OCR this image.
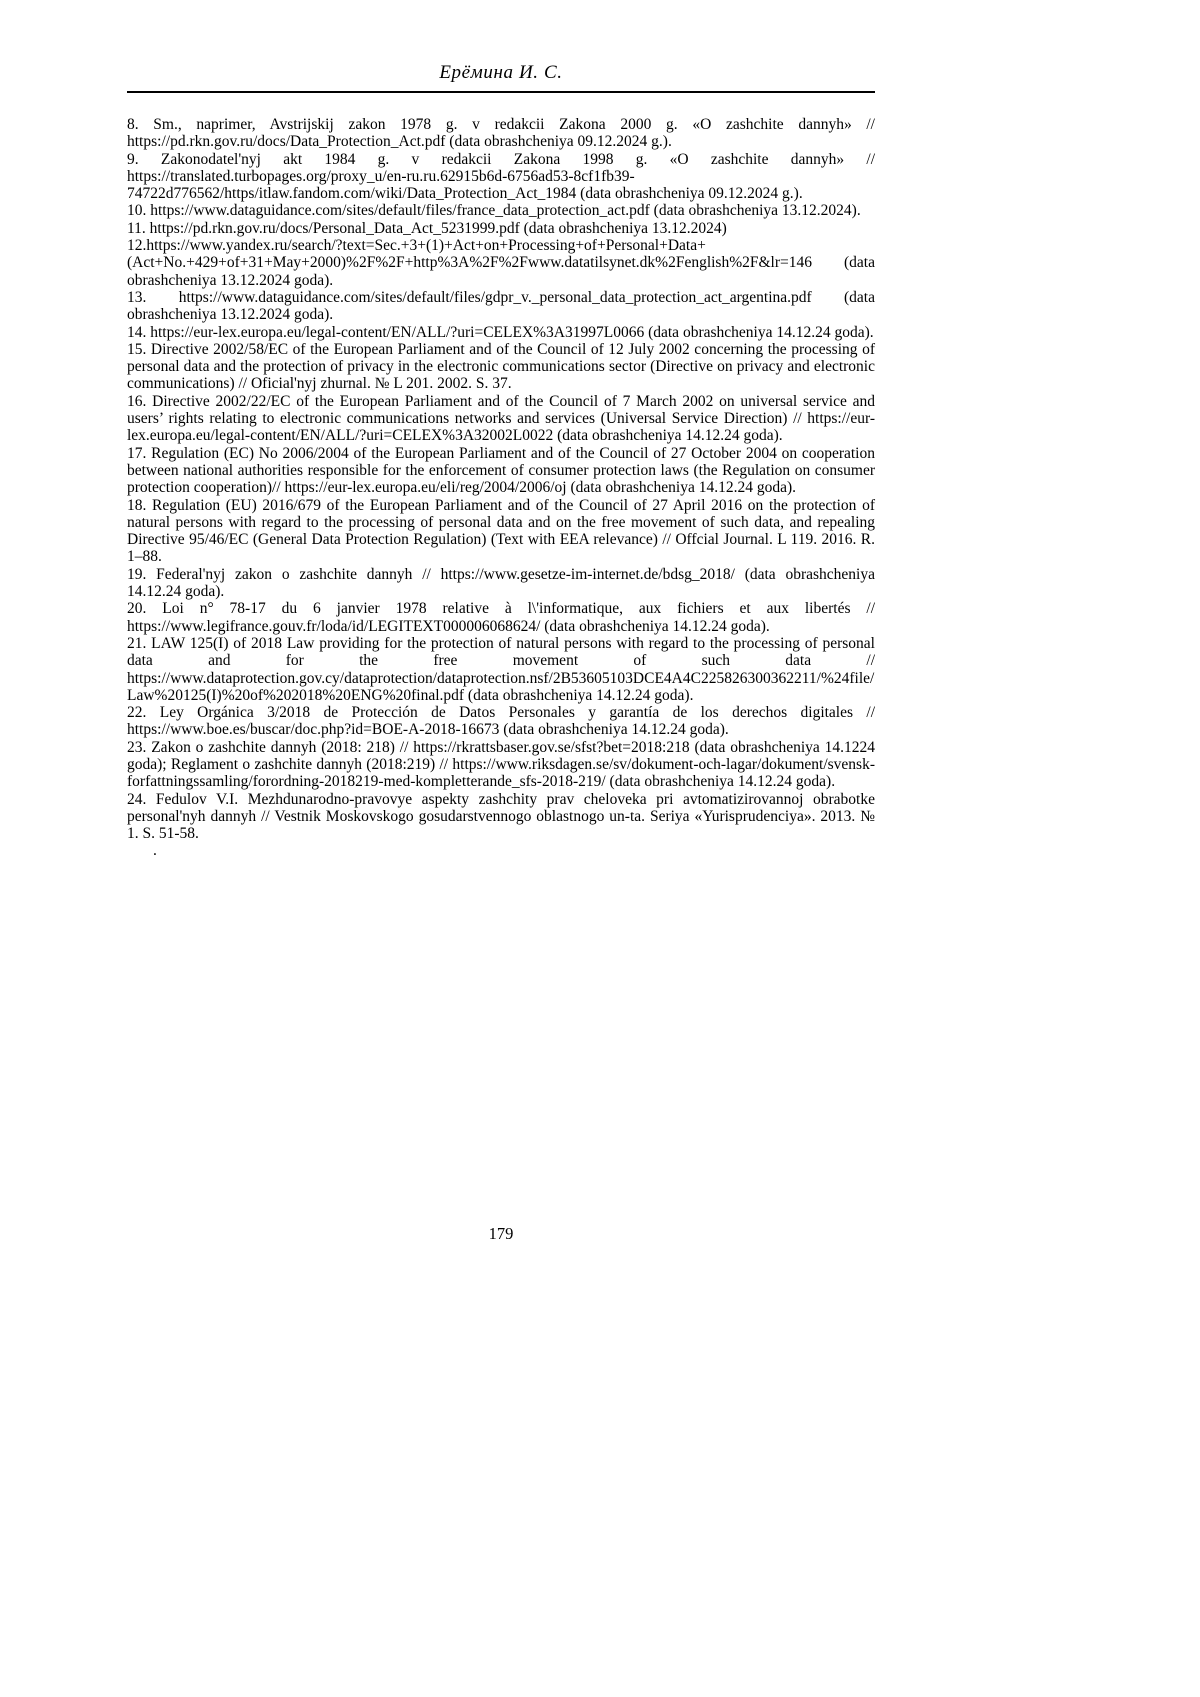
Ерёмина И. С.

8. Sm., naprimer, Avstrijskij zakon 1978 g. v redakcii Zakona 2000 g. «O zashchite dannyh» // https://pd.rkn.gov.ru/docs/Data_Protection_Act.pdf (data obrashcheniya 09.12.2024 g.).

9. Zakonodatel'nyj akt 1984 g. v redakcii Zakona 1998 g. «O zashchite dannyh» // https://translated.turbopages.org/proxy_u/en-ru.ru.62915b6d-6756ad53-8cf1fb39-74722d776562/https/itlaw.fandom.com/wiki/Data_Protection_Act_1984 (data obrashcheniya 09.12.2024 g.).

10. https://www.dataguidance.com/sites/default/files/france_data_protection_act.pdf (data obrashcheniya 13.12.2024).

11. https://pd.rkn.gov.ru/docs/Personal_Data_Act_5231999.pdf (data obrashcheniya 13.12.2024)

12.https://www.yandex.ru/search/?text=Sec.+3+(1)+Act+on+Processing+of+Personal+Data+(Act+No.+429+of+31+May+2000)%2F%2F+http%3A%2F%2Fwww.datatilsynet.dk%2Fenglish%2F&lr=146 (data obrashcheniya 13.12.2024 goda).

13. https://www.dataguidance.com/sites/default/files/gdpr_v._personal_data_protection_act_argentina.pdf (data obrashcheniya 13.12.2024 goda).

14. https://eur-lex.europa.eu/legal-content/EN/ALL/?uri=CELEX%3A31997L0066 (data obrashcheniya 14.12.24 goda).

15. Directive 2002/58/EC of the European Parliament and of the Council of 12 July 2002 concerning the processing of personal data and the protection of privacy in the electronic communications sector (Directive on privacy and electronic communications) // Oficial'nyj zhurnal. № L 201. 2002. S. 37.

16. Directive 2002/22/EC of the European Parliament and of the Council of 7 March 2002 on universal service and users’ rights relating to electronic communications networks and services (Universal Service Direction) // https://eur-lex.europa.eu/legal-content/EN/ALL/?uri=CELEX%3A32002L0022 (data obrashcheniya 14.12.24 goda).

17. Regulation (EC) No 2006/2004 of the European Parliament and of the Council of 27 October 2004 on cooperation between national authorities responsible for the enforcement of consumer protection laws (the Regulation on consumer protection cooperation)// https://eur-lex.europa.eu/eli/reg/2004/2006/oj (data obrashcheniya 14.12.24 goda).

18. Regulation (EU) 2016/679 of the European Parliament and of the Council of 27 April 2016 on the protection of natural persons with regard to the processing of personal data and on the free movement of such data, and repealing Directive 95/46/EC (General Data Protection Regulation) (Text with EEA relevance) // Offcial Journal. L 119. 2016. R. 1–88.

19. Federal'nyj zakon o zashchite dannyh // https://www.gesetze-im-internet.de/bdsg_2018/ (data obrashcheniya 14.12.24 goda).

20. Loi n° 78-17 du 6 janvier 1978 relative à l\'informatique, aux fichiers et aux libertés // https://www.legifrance.gouv.fr/loda/id/LEGITEXT000006068624/ (data obrashcheniya 14.12.24 goda).

21. LAW 125(I) of 2018 Law providing for the protection of natural persons with regard to the processing of personal data and for the free movement of such data // https://www.dataprotection.gov.cy/dataprotection/dataprotection.nsf/2B53605103DCE4A4C225826300362211/%24file/Law%20125(I)%20of%202018%20ENG%20final.pdf (data obrashcheniya 14.12.24 goda).

22. Ley Orgánica 3/2018 de Protección de Datos Personales y garantía de los derechos digitales // https://www.boe.es/buscar/doc.php?id=BOE-A-2018-16673 (data obrashcheniya 14.12.24 goda).

23. Zakon o zashchite dannyh (2018: 218) // https://rkrattsbaser.gov.se/sfst?bet=2018:218 (data obrashcheniya 14.1224 goda); Reglament o zashchite dannyh (2018:219) // https://www.riksdagen.se/sv/dokument-och-lagar/dokument/svensk-forfattningssamling/forordning-2018219-med-kompletterande_sfs-2018-219/ (data obrashcheniya 14.12.24 goda).

24. Fedulov V.I. Mezhdunarodno-pravovye aspekty zashchity prav cheloveka pri avtomatizirovannoj obrabotke personal'nyh dannyh // Vestnik Moskovskogo gosudarstvennogo oblastnogo un-ta. Seriya «Yurisprudenciya». 2013. № 1. S. 51-58.

.

179
